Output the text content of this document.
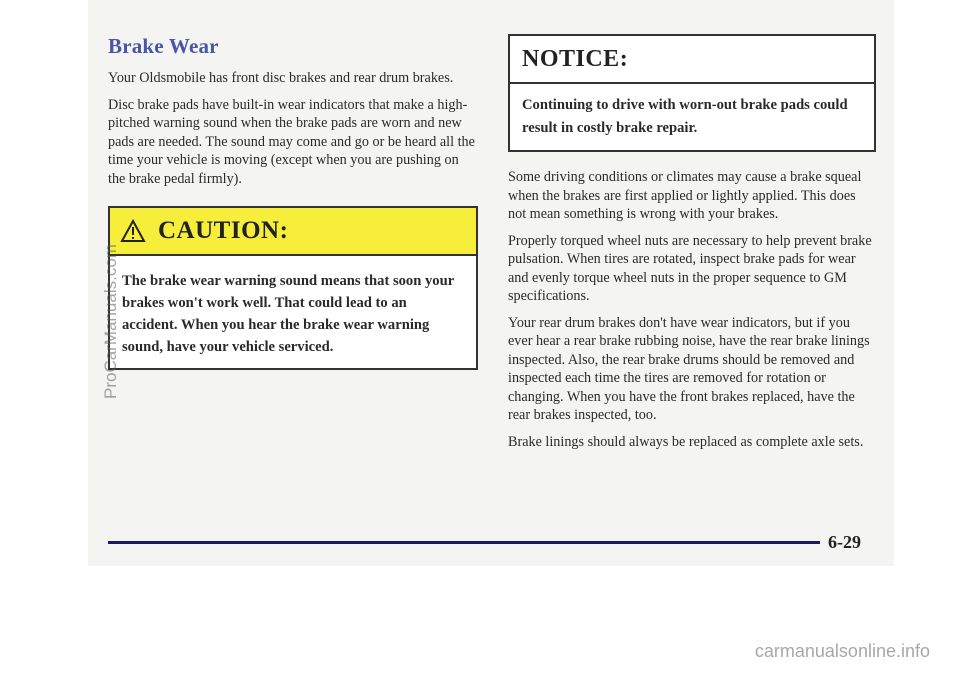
Brake Wear

Your Oldsmobile has front disc brakes and rear drum brakes.

Disc brake pads have built-in wear indicators that make a high-pitched warning sound when the brake pads are worn and new pads are needed. The sound may come and go or be heard all the time your vehicle is moving (except when you are pushing on the brake pedal firmly).

CAUTION:
The brake wear warning sound means that soon your brakes won't work well. That could lead to an accident. When you hear the brake wear warning sound, have your vehicle serviced.
NOTICE:
Continuing to drive with worn-out brake pads could result in costly brake repair.

Some driving conditions or climates may cause a brake squeal when the brakes are first applied or lightly applied. This does not mean something is wrong with your brakes.

Properly torqued wheel nuts are necessary to help prevent brake pulsation. When tires are rotated, inspect brake pads for wear and evenly torque wheel nuts in the proper sequence to GM specifications.

Your rear drum brakes don't have wear indicators, but if you ever hear a rear brake rubbing noise, have the rear brake linings inspected. Also, the rear brake drums should be removed and inspected each time the tires are removed for rotation or changing. When you have the front brakes replaced, have the rear brakes inspected, too.

Brake linings should always be replaced as complete axle sets.

6-29
ProCarManuals.com
carmanualsonline.info
